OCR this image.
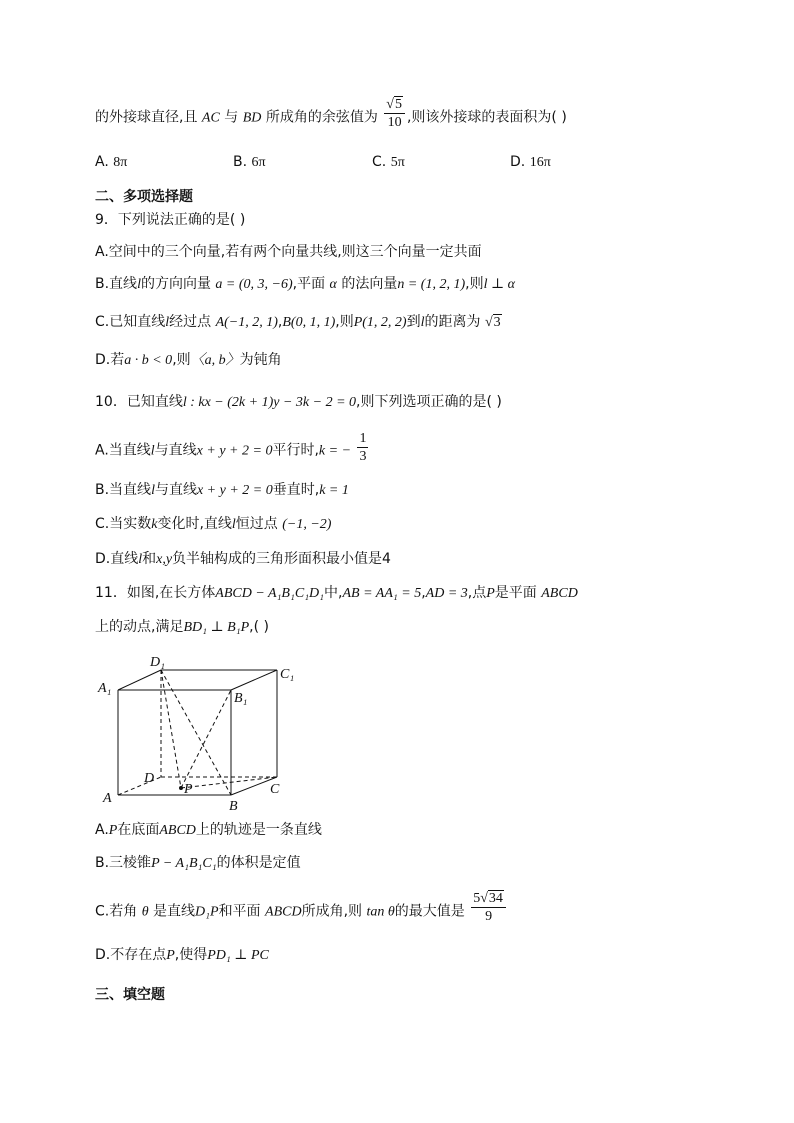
的外接球直径,且 AC 与 BD 所成角的余弦值为 $\frac{√5}{10}$ ,则该外接球的表面积为( )
A. 8π	B. 6π	C. 5π	D. 16π
二、多项选择题
9．下列说法正确的是( )
A.空间中的三个向量,若有两个向量共线,则这三个向量一定共面
B.直线l的方向向量 a = (0, 3, −6),平面 α 的法向量n = (1, 2, 1),则l ⊥ α
C.已知直线l经过点 A(−1, 2, 1),B(0, 1, 1),则P(1, 2, 2)到l的距离为 √3
D.若a · b < 0,则〈a, b〉为钝角
10．已知直线l : kx − (2k + 1)y − 3k − 2 = 0,则下列选项正确的是( )
A.当直线l与直线x + y + 2 = 0平行时,k = − $\frac{1}{3}$
B.当直线l与直线x + y + 2 = 0垂直时,k = 1
C.当实数k变化时,直线l恒过点 (−1, −2)
D.直线l和x,y负半轴构成的三角形面积最小值是4
11．如图,在长方体ABCD − A₁B₁C₁D₁中,AB = AA₁ = 5,AD = 3,点P是平面 ABCD
上的动点,满足BD₁ ⊥ B₁P,( )
A₁
D₁
C₁
B₁
D
A
P
B
C
A.P在底面ABCD上的轨迹是一条直线
B.三棱锥P − A₁B₁C₁的体积是定值
C.若角 θ 是直线D₁P和平面 ABCD所成角,则 tan θ的最大值是 $\frac{5√34}{9}$
D.不存在点P,使得PD₁ ⊥ PC
三、填空题
